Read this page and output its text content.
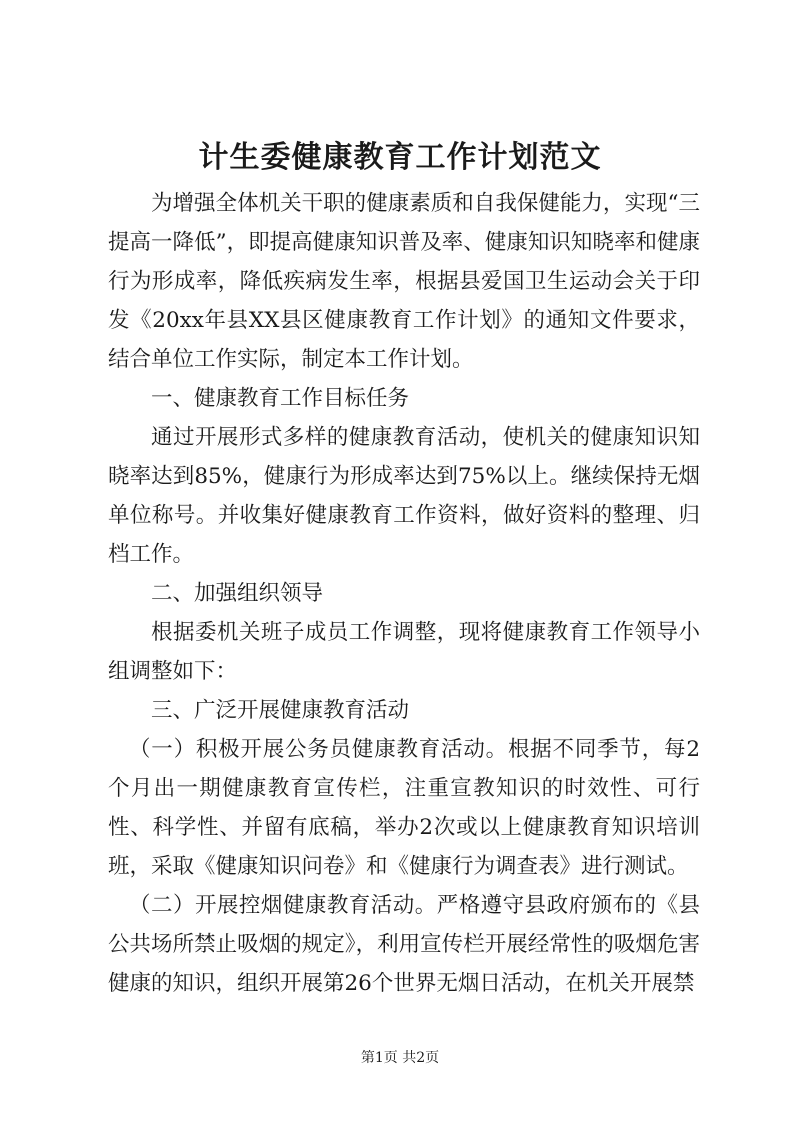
计生委健康教育工作计划范文

为增强全体机关干职的健康素质和自我保健能力，实现“三提高一降低”，即提高健康知识普及率、健康知识知晓率和健康行为形成率，降低疾病发生率，根据县爱国卫生运动会关于印发《20xx年县XX县区健康教育工作计划》的通知文件要求，结合单位工作实际，制定本工作计划。

一、健康教育工作目标任务

通过开展形式多样的健康教育活动，使机关的健康知识知晓率达到85%，健康行为形成率达到75%以上。继续保持无烟单位称号。并收集好健康教育工作资料，做好资料的整理、归档工作。

二、加强组织领导

根据委机关班子成员工作调整，现将健康教育工作领导小组调整如下：

三、广泛开展健康教育活动

（一）积极开展公务员健康教育活动。根据不同季节，每2个月出一期健康教育宣传栏，注重宣教知识的时效性、可行性、科学性、并留有底稿，举办2次或以上健康教育知识培训班，采取《健康知识问卷》和《健康行为调查表》进行测试。

（二）开展控烟健康教育活动。严格遵守县政府颁布的《县公共场所禁止吸烟的规定》，利用宣传栏开展经常性的吸烟危害健康的知识，组织开展第26个世界无烟日活动，在机关开展禁

第1页 共2页
